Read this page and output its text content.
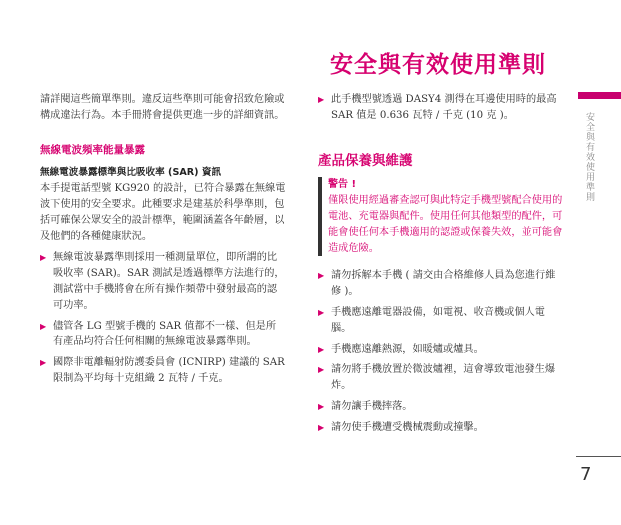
安全與有效使用準則

請詳閱這些簡單準則。違反這些準則可能會招致危險或構成違法行為。本手冊將會提供更進一步的詳細資訊。

無線電波頻率能量暴露
無線電波暴露標準與比吸收率 (SAR) 資訊

本手提電話型號 KG920 的設計，已符合暴露在無線電波下使用的安全要求。此種要求是建基於科學準則，包括可確保公眾安全的設計標準，範圍涵蓋各年齡層，以及他們的各種健康狀況。

▶ 無線電波暴露準則採用一種測量單位，即所謂的比吸收率 (SAR)。SAR 測試是透過標準方法進行的，測試當中手機將會在所有操作頻帶中發射最高的認可功率。
▶ 儘管各 LG 型號手機的 SAR 值都不一樣、但是所有產品均符合任何相關的無線電波暴露準則。
▶ 國際非電離輻射防護委員會 (ICNIRP) 建議的 SAR 限制為平均每十克組織 2 瓦特 / 千克。
▶ 此手機型號透過 DASY4 測得在耳邊使用時的最高 SAR 值是 0.636 瓦特 / 千克 (10 克 )。
產品保養與維護
警告 !

僅限使用經過審查認可與此特定手機型號配合使用的電池、充電器與配件。使用任何其他類型的配件，可能會使任何本手機適用的認證或保養失效，並可能會造成危險。

▶ 請勿拆解本手機 ( 請交由合格維修人員為您進行維修 )。
▶ 手機應遠離電器設備，如電視、收音機或個人電腦。
▶ 手機應遠離熱源，如暖爐或爐具。
▶ 請勿將手機放置於微波爐裡，這會導致電池發生爆炸。
▶ 請勿讓手機摔落。
▶ 請勿使手機遭受機械震動或撞擊。
安全與有效使用準則
7
